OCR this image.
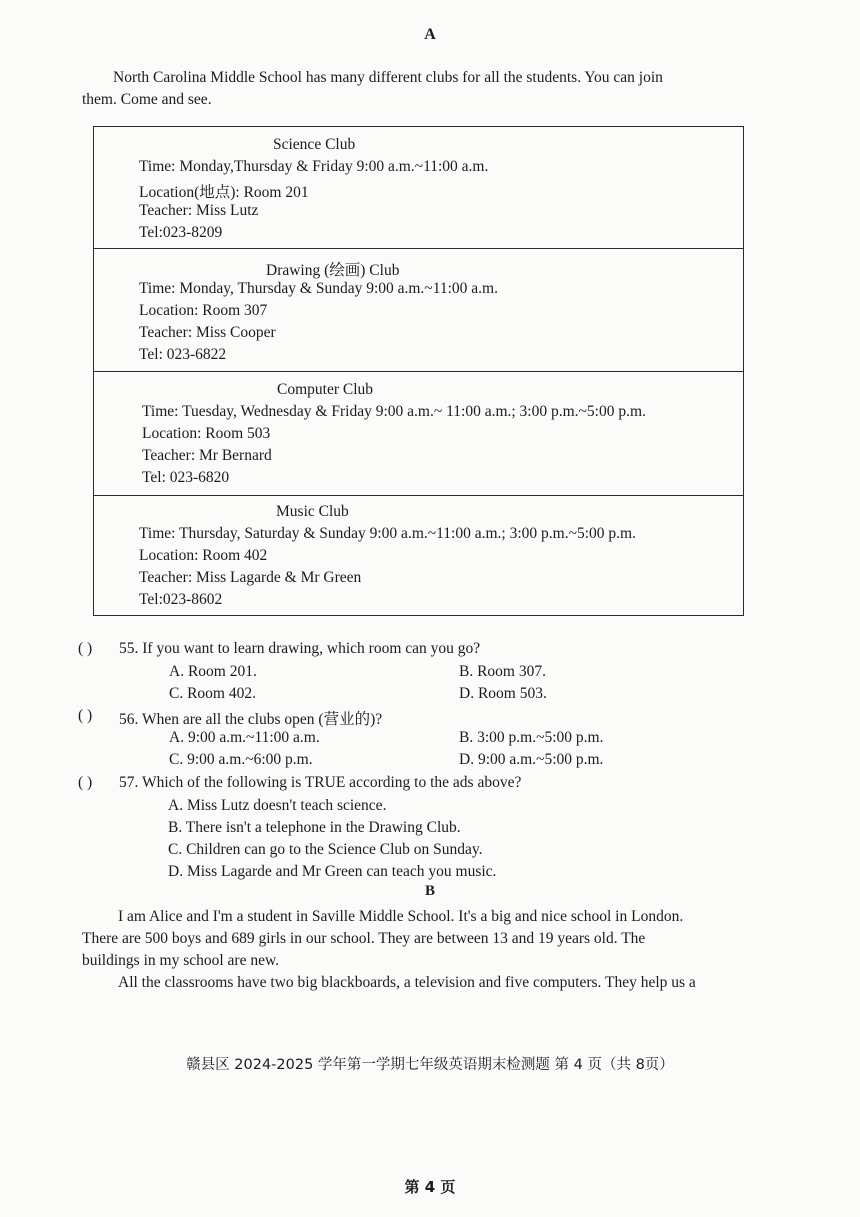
A
North Carolina Middle School has many different clubs for all the students. You can join
them. Come and see.
Science Club
Time: Monday,Thursday & Friday 9:00 a.m.~11:00 a.m.
Location(地点): Room 201
Teacher: Miss Lutz
Tel:023-8209
Drawing (绘画) Club
Time: Monday, Thursday & Sunday 9:00 a.m.~11:00 a.m.
Location: Room 307
Teacher: Miss Cooper
Tel: 023-6822
Computer Club
Time: Tuesday, Wednesday & Friday 9:00 a.m.~ 11:00 a.m.; 3:00 p.m.~5:00 p.m.
Location: Room 503
Teacher: Mr Bernard
Tel: 023-6820
Music Club
Time: Thursday, Saturday & Sunday 9:00 a.m.~11:00 a.m.; 3:00 p.m.~5:00 p.m.
Location: Room 402
Teacher: Miss Lagarde & Mr Green
Tel:023-8602
( ) 55. If you want to learn drawing, which room can you go?
A. Room 201.	B. Room 307.
C. Room 402.	D. Room 503.
( ) 56. When are all the clubs open (营业的)?
A. 9:00 a.m.~11:00 a.m.	B. 3:00 p.m.~5:00 p.m.
C. 9:00 a.m.~6:00 p.m.	D. 9:00 a.m.~5:00 p.m.
( ) 57. Which of the following is TRUE according to the ads above?
A. Miss Lutz doesn't teach science.
B. There isn't a telephone in the Drawing Club.
C. Children can go to the Science Club on Sunday.
D. Miss Lagarde and Mr Green can teach you music.
B
I am Alice and I'm a student in Saville Middle School. It's a big and nice school in London.
There are 500 boys and 689 girls in our school. They are between 13 and 19 years old. The
buildings in my school are new.
All the classrooms have two big blackboards, a television and five computers. They help us a
赣县区 2024-2025 学年第一学期七年级英语期末检测题 第 4 页（共 8页）
第 4 页
